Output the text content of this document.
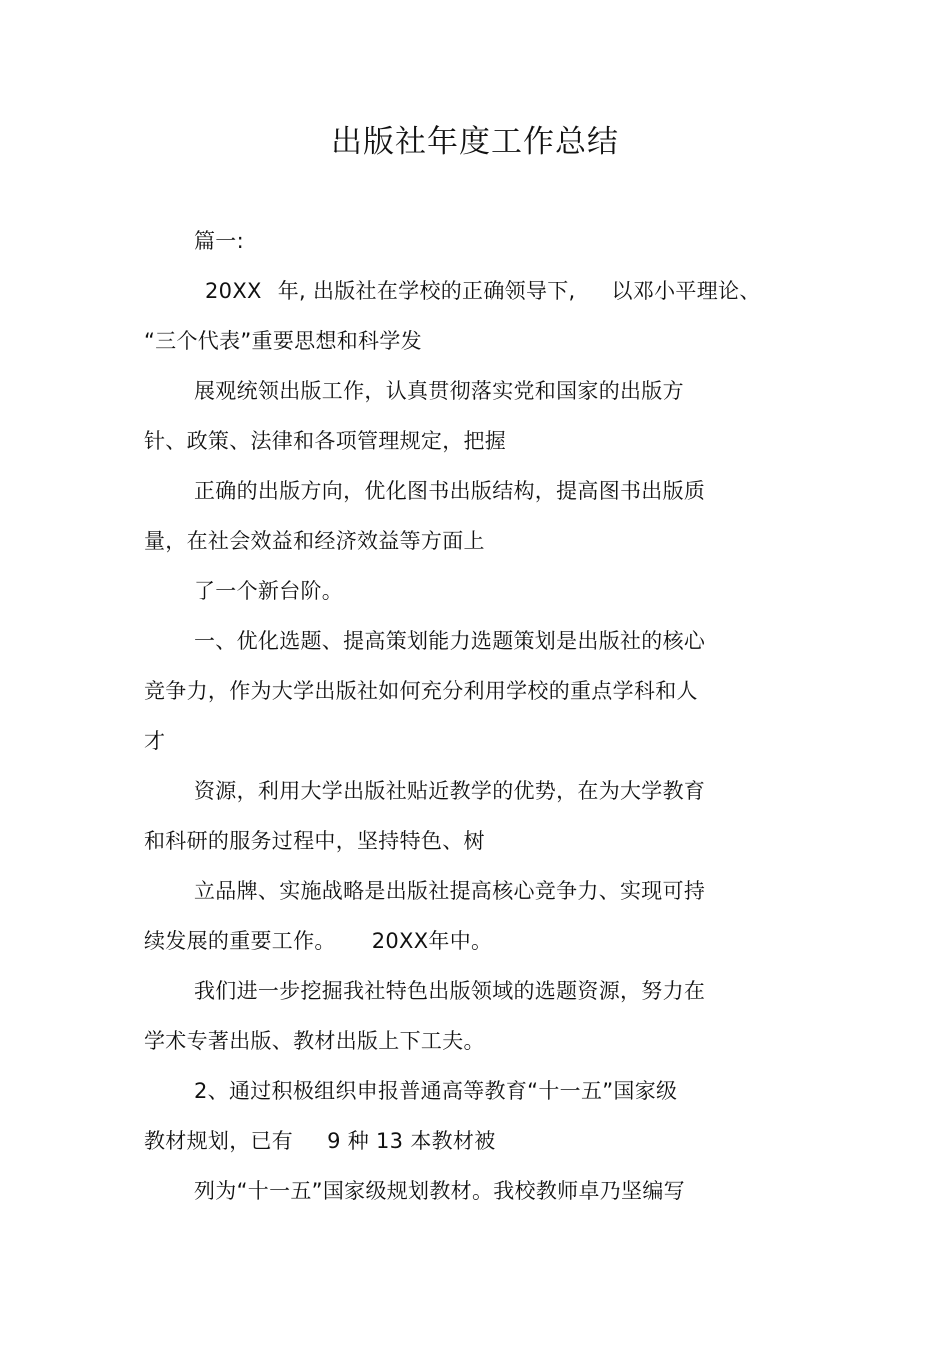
出版社年度工作总结
篇一:
20XX 年, 出版社在学校的正确领导下, 以邓小平理论、
“三个代表”重要思想和科学发
展观统领出版工作，认真贯彻落实党和国家的出版方
针、政策、法律和各项管理规定，把握
正确的出版方向，优化图书出版结构，提高图书出版质
量，在社会效益和经济效益等方面上
了一个新台阶。
一、优化选题、提高策划能力选题策划是出版社的核心
竞争力，作为大学出版社如何充分利用学校的重点学科和人
才
资源，利用大学出版社贴近教学的优势，在为大学教育
和科研的服务过程中，坚持特色、树
立品牌、实施战略是出版社提高核心竞争力、实现可持
续发展的重要工作。 20XX年中。
我们进一步挖掘我社特色出版领域的选题资源，努力在
学术专著出版、教材出版上下工夫。
2、通过积极组织申报普通高等教育“十一五”国家级
教材规划，已有 9 种 13 本教材被
列为“十一五”国家级规划教材。我校教师卓乃坚编写
